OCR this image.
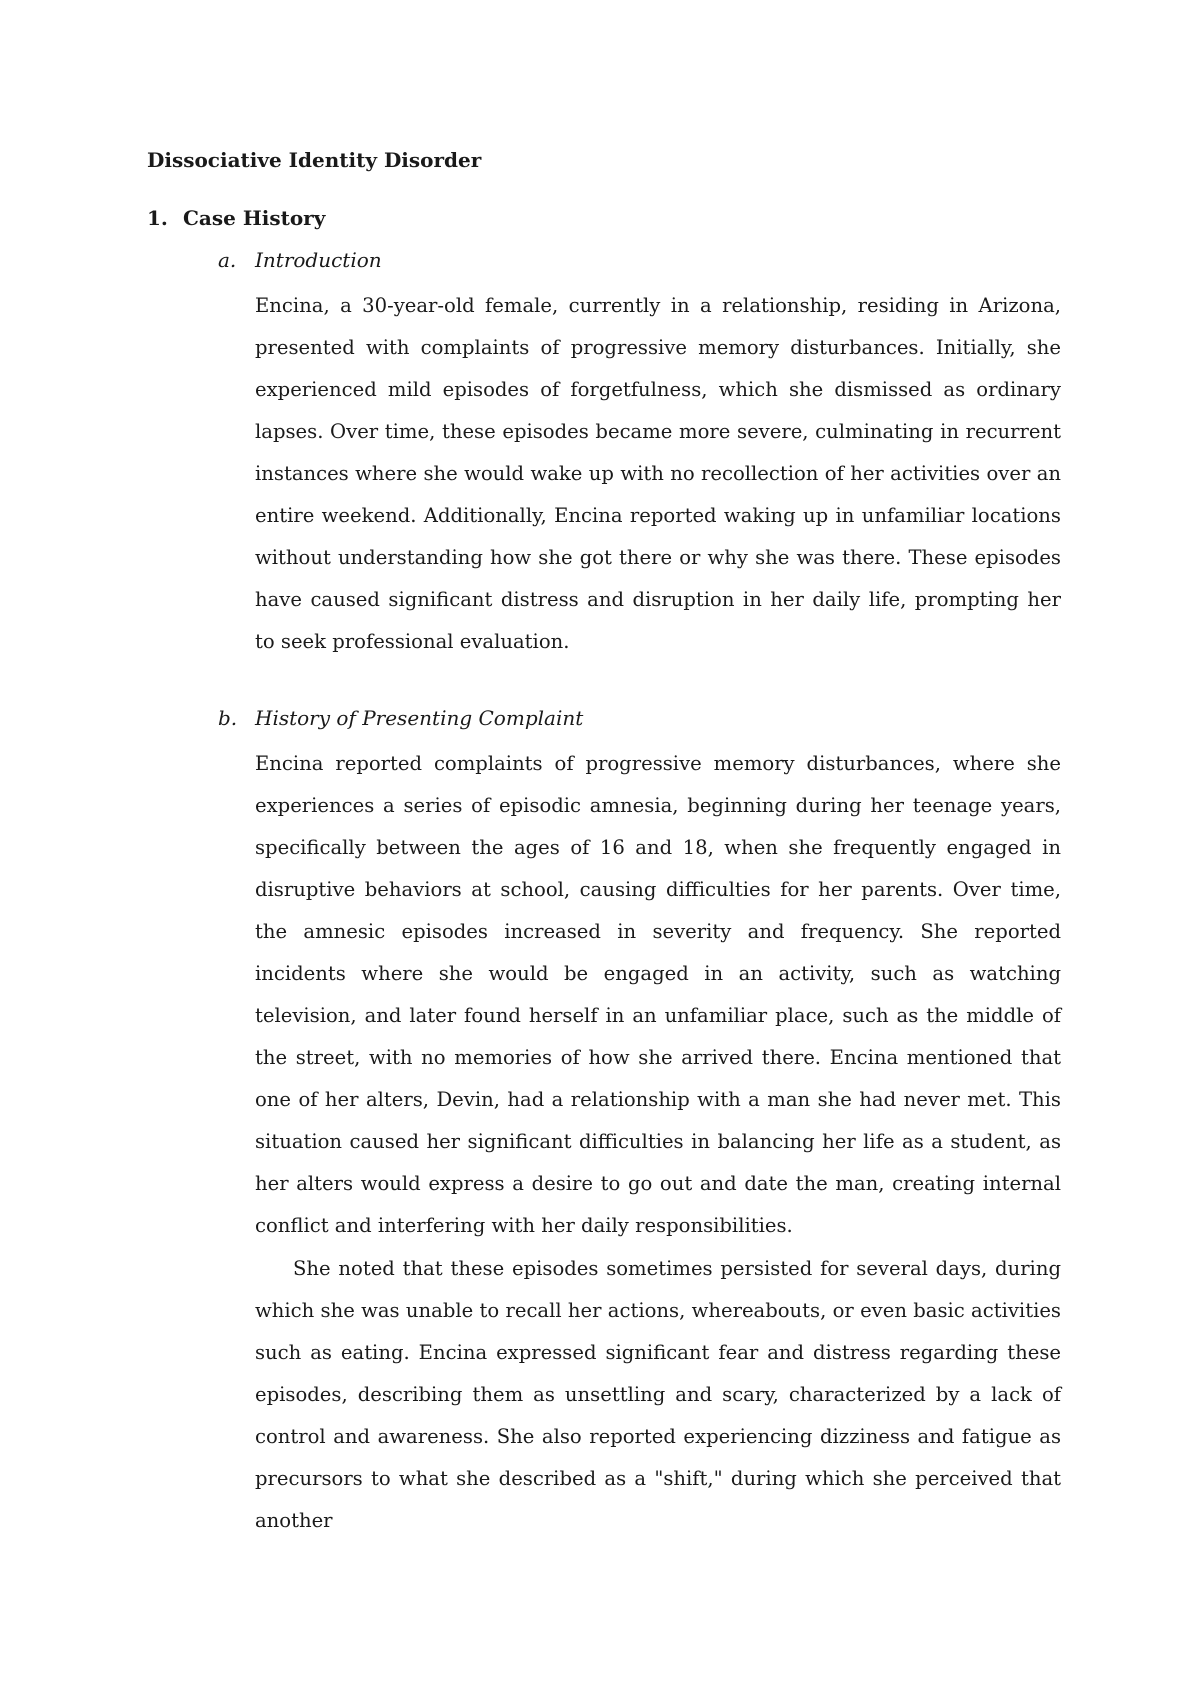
Dissociative Identity Disorder
1. Case History
a. Introduction

Encina, a 30-year-old female, currently in a relationship, residing in Arizona, presented with complaints of progressive memory disturbances. Initially, she experienced mild episodes of forgetfulness, which she dismissed as ordinary lapses. Over time, these episodes became more severe, culminating in recurrent instances where she would wake up with no recollection of her activities over an entire weekend. Additionally, Encina reported waking up in unfamiliar locations without understanding how she got there or why she was there. These episodes have caused significant distress and disruption in her daily life, prompting her to seek professional evaluation.

b. History of Presenting Complaint

Encina reported complaints of progressive memory disturbances, where she experiences a series of episodic amnesia, beginning during her teenage years, specifically between the ages of 16 and 18, when she frequently engaged in disruptive behaviors at school, causing difficulties for her parents. Over time, the amnesic episodes increased in severity and frequency. She reported incidents where she would be engaged in an activity, such as watching television, and later found herself in an unfamiliar place, such as the middle of the street, with no memories of how she arrived there. Encina mentioned that one of her alters, Devin, had a relationship with a man she had never met. This situation caused her significant difficulties in balancing her life as a student, as her alters would express a desire to go out and date the man, creating internal conflict and interfering with her daily responsibilities.

She noted that these episodes sometimes persisted for several days, during which she was unable to recall her actions, whereabouts, or even basic activities such as eating. Encina expressed significant fear and distress regarding these episodes, describing them as unsettling and scary, characterized by a lack of control and awareness. She also reported experiencing dizziness and fatigue as precursors to what she described as a "shift," during which she perceived that another
